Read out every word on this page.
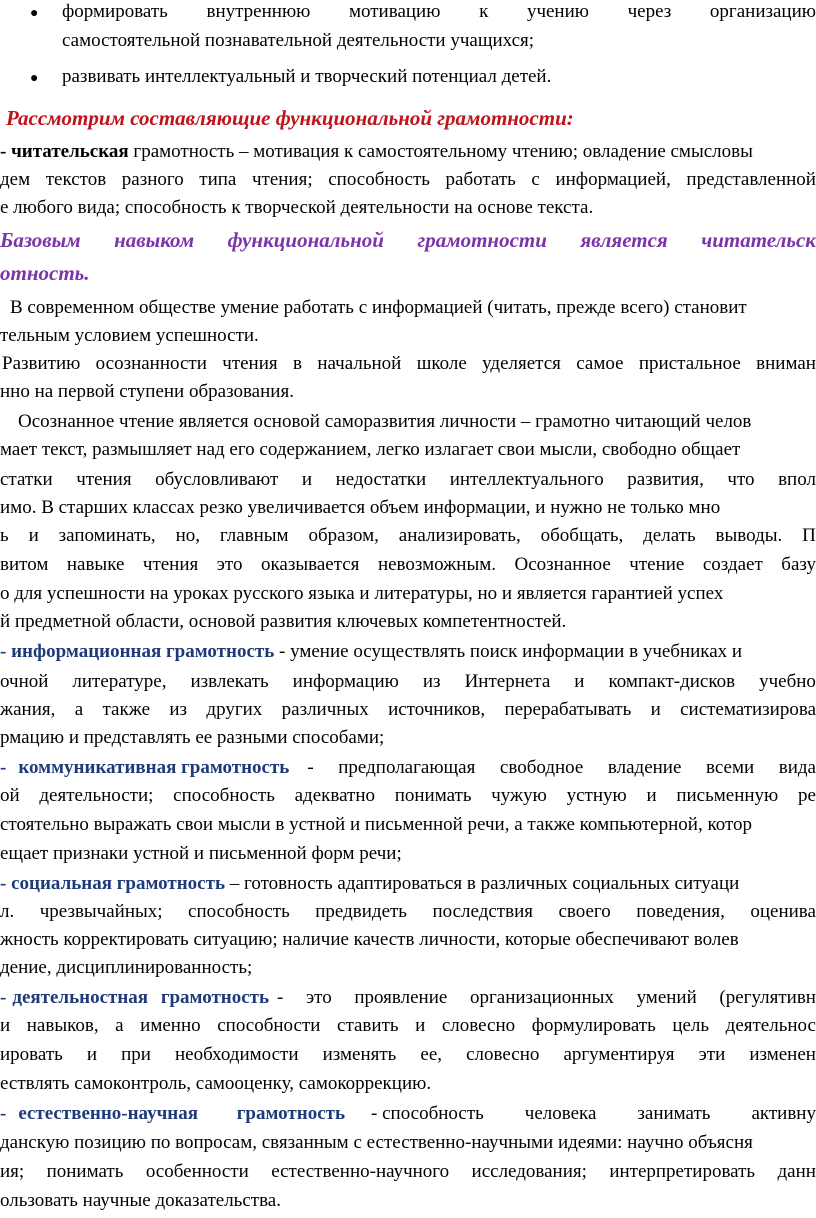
● формировать внутреннюю мотивацию к учению через организацию
самостоятельной познавательной деятельности учащихся;
● развивать интеллектуальный и творческий потенциал детей.
Рассмотрим составляющие функциональной грамотности:
- читательская грамотность – мотивация к самостоятельному чтению; овладение смысловы
дем текстов разного типа чтения; способность работать с информацией, представленной
е любого вида; способность к творческой деятельности на основе текста.
Базовым навыком функциональной грамотности является читательск
отность.
В современном обществе умение работать с информацией (читать, прежде всего) становит
тельным условием успешности.
Развитию осознанности чтения в начальной школе уделяется самое пристальное вниман
нно на первой ступени образования.
Осознанное чтение является основой саморазвития личности – грамотно читающий челов
мает текст, размышляет над его содержанием, легко излагает свои мысли, свободно общает
статки чтения обусловливают и недостатки интеллектуального развития, что впол
имо. В старших классах резко увеличивается объем информации, и нужно не только мно
ь и запоминать, но, главным образом, анализировать, обобщать, делать выводы. П
витом навыке чтения это оказывается невозможным. Осознанное чтение создает базу
о для успешности на уроках русского языка и литературы, но и является гарантией успех
й предметной области, основой развития ключевых компетентностей.
- информационная грамотность - умение осуществлять поиск информации в учебниках и
очной литературе, извлекать информацию из Интернета и компакт-дисков учебно
жания, а также из других различных источников, перерабатывать и систематизирова
рмацию и представлять ее разными способами;
- коммуникативная грамотность - предполагающая свободное владение всеми вида
ой деятельности; способность адекватно понимать чужую устную и письменную ре
стоятельно выражать свои мысли в устной и письменной речи, а также компьютерной, котор
ещает признаки устной и письменной форм речи;
- социальная грамотность – готовность адаптироваться в различных социальных ситуаци
л. чрезвычайных; способность предвидеть последствия своего поведения, оценива
жность корректировать ситуацию; наличие качеств личности, которые обеспечивают волев
дение, дисциплинированность;
- деятельностная грамотность - это проявление организационных умений (регулятивн
и навыков, а именно способности ставить и словесно формулировать цель деятельнос
ировать и при необходимости изменять ее, словесно аргументируя эти изменен
ествлять самоконтроль, самооценку, самокоррекцию.
- естественно-научная грамотность - способность человека занимать активну
данскую позицию по вопросам, связанным с естественно-научными идеями: научно объясня
ия; понимать особенности естественно-научного исследования; интерпретировать данн
ользовать научные доказательства.
